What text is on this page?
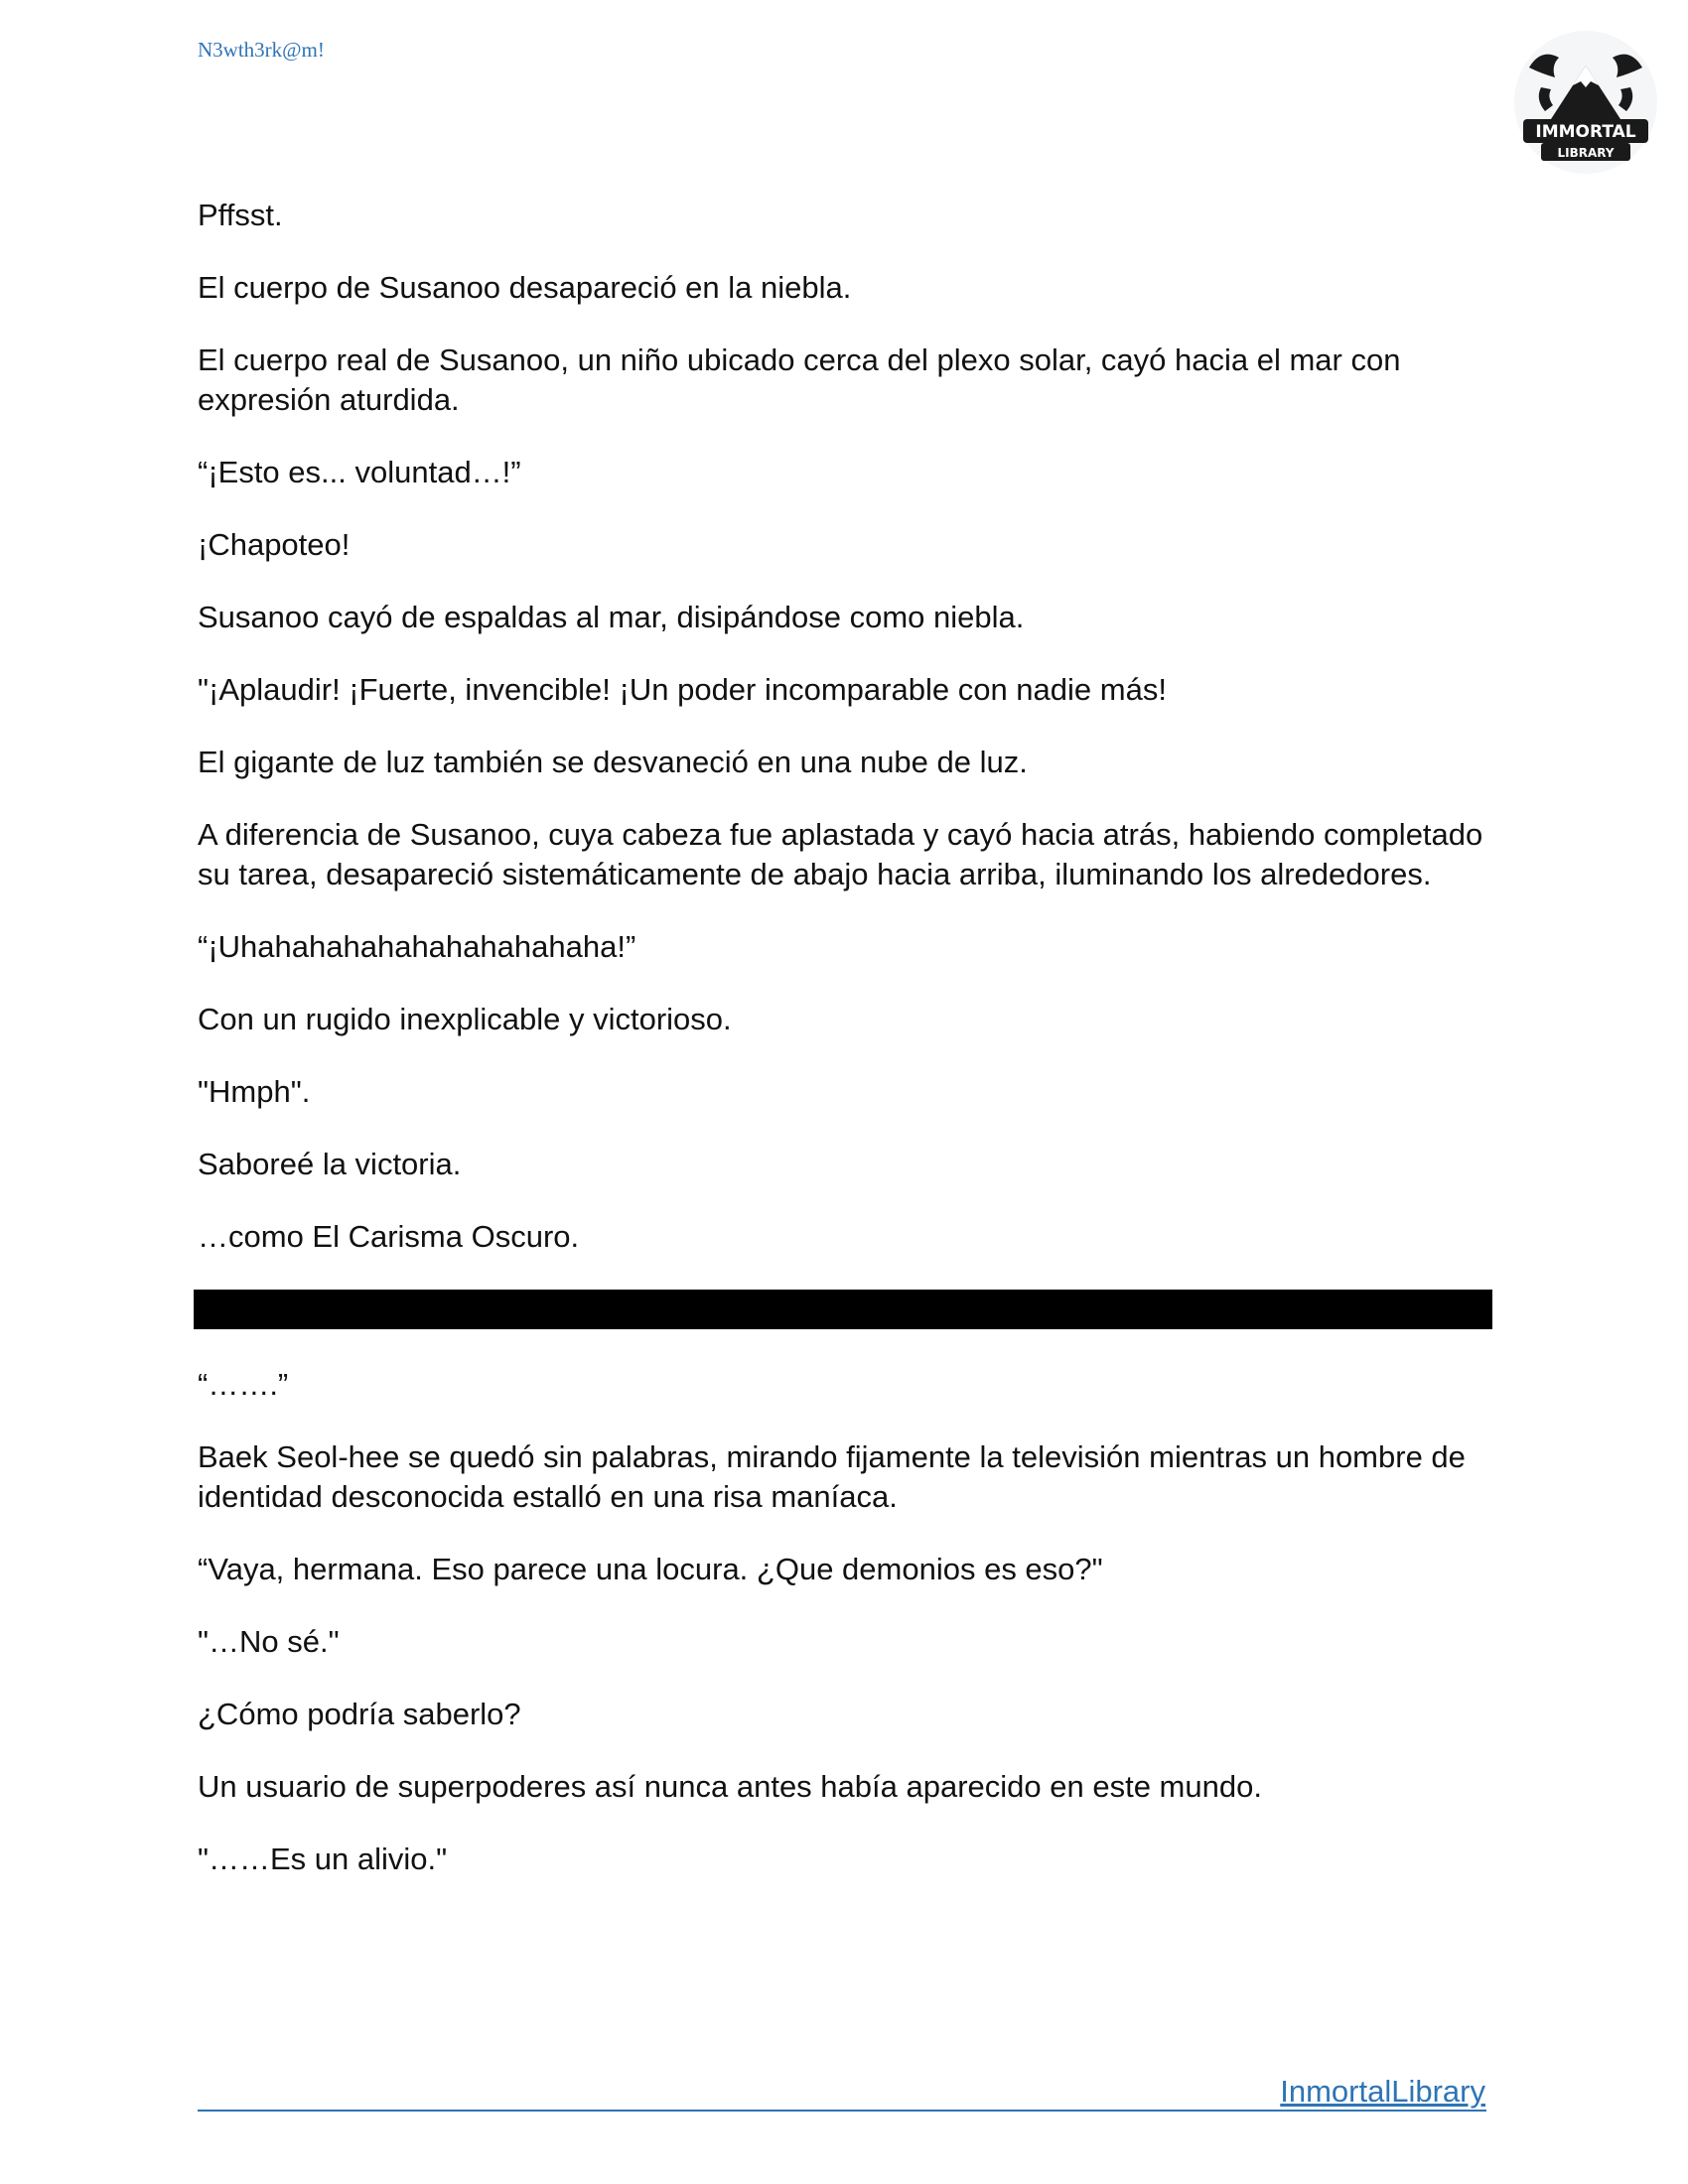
N3wth3rk@m!
IMMORTAL
LIBRARY

Pffsst.

El cuerpo de Susanoo desapareció en la niebla.

El cuerpo real de Susanoo, un niño ubicado cerca del plexo solar, cayó hacia el mar con expresión aturdida.

“¡Esto es... voluntad…!”

¡Chapoteo!

Susanoo cayó de espaldas al mar, disipándose como niebla.

"¡Aplaudir! ¡Fuerte, invencible! ¡Un poder incomparable con nadie más!

El gigante de luz también se desvaneció en una nube de luz.

A diferencia de Susanoo, cuya cabeza fue aplastada y cayó hacia atrás, habiendo completado su tarea, desapareció sistemáticamente de abajo hacia arriba, iluminando los alrededores.

“¡Uhahahahahahahahahahaha!”

Con un rugido inexplicable y victorioso.

"Hmph".

Saboreé la victoria.

…como El Carisma Oscuro.

“…….”

Baek Seol-hee se quedó sin palabras, mirando fijamente la televisión mientras un hombre de identidad desconocida estalló en una risa maníaca.

“Vaya, hermana. Eso parece una locura. ¿Que demonios es eso?"

"…No sé."

¿Cómo podría saberlo?

Un usuario de superpoderes así nunca antes había aparecido en este mundo.

"……Es un alivio."

InmortalLibrary
